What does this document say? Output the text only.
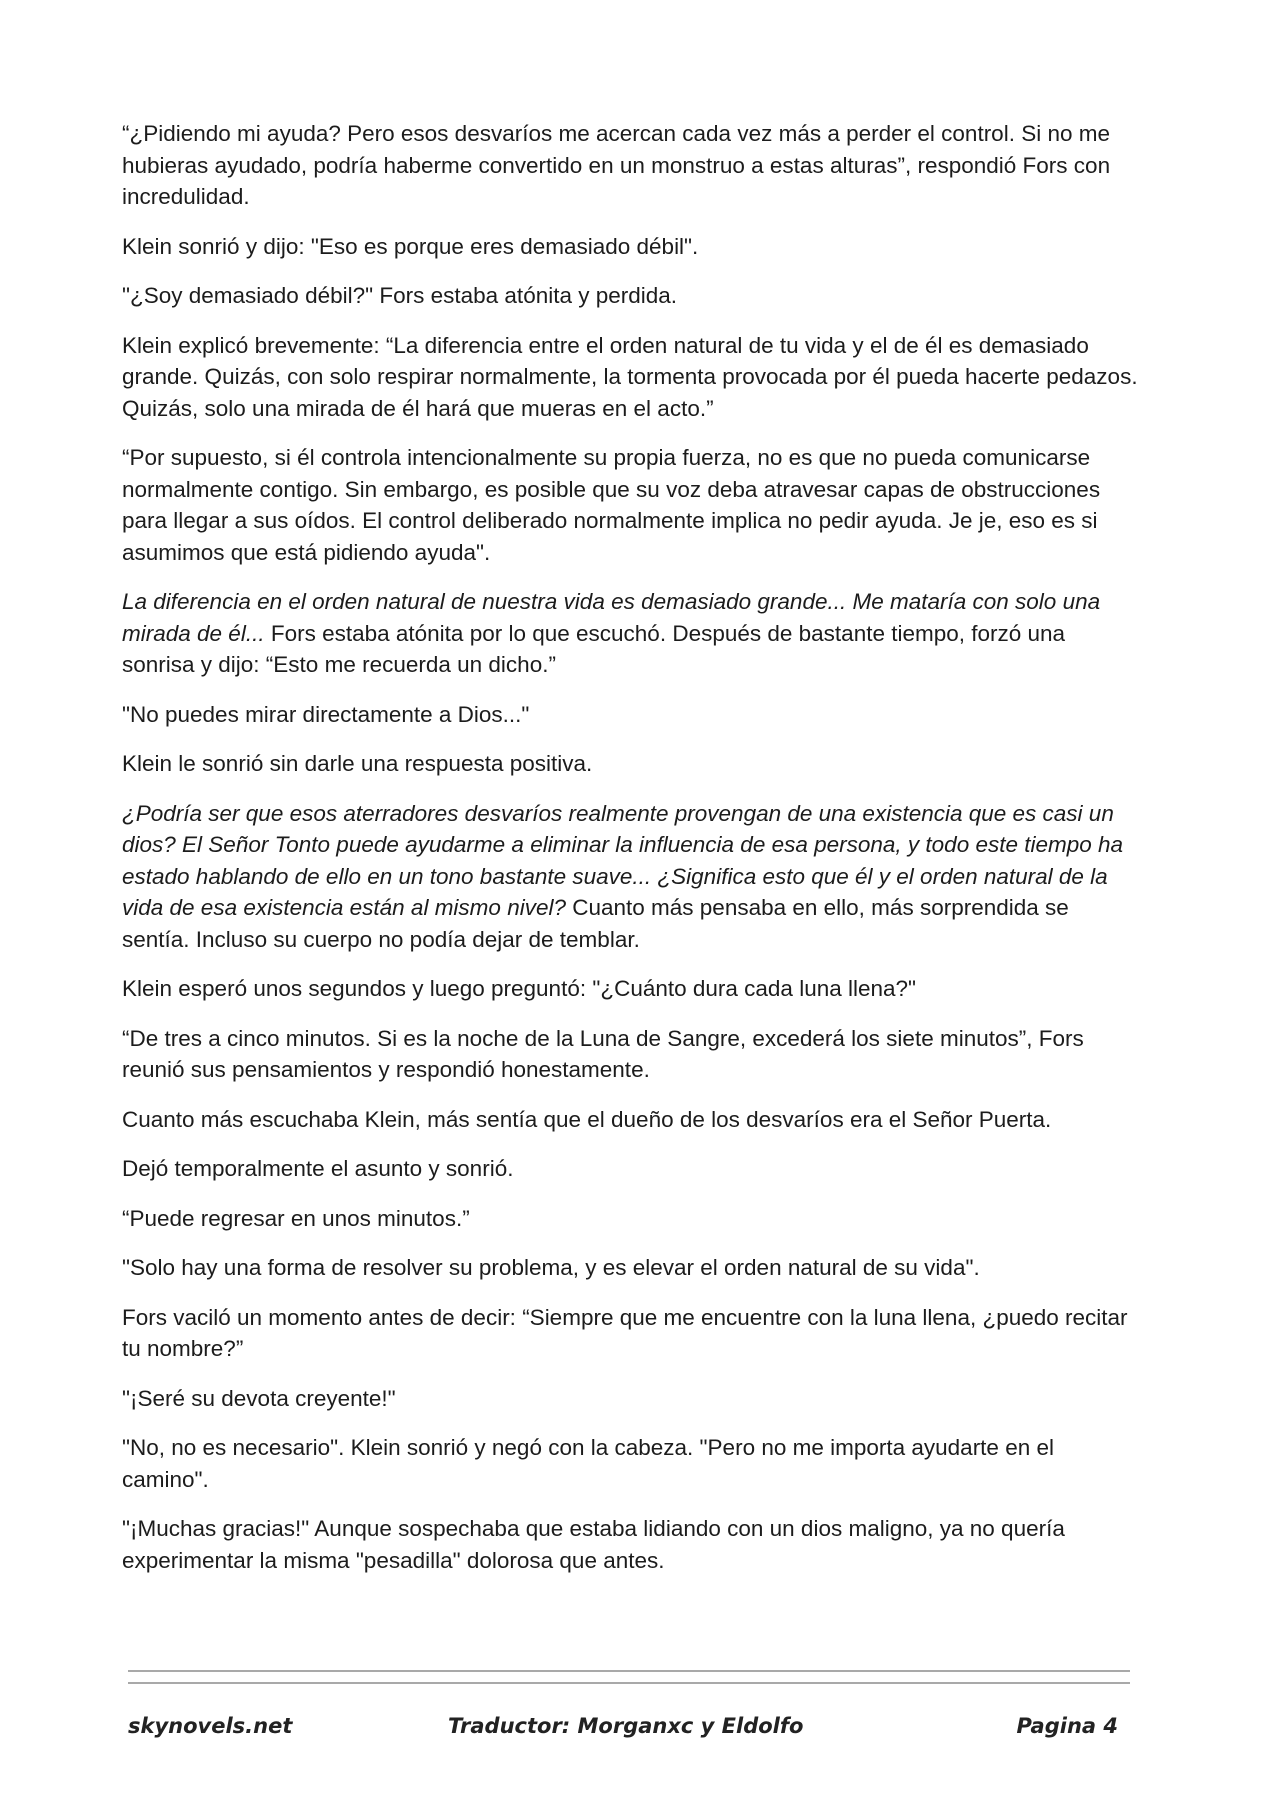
“¿Pidiendo mi ayuda? Pero esos desvaríos me acercan cada vez más a perder el control. Si no me hubieras ayudado, podría haberme convertido en un monstruo a estas alturas”, respondió Fors con incredulidad.

Klein sonrió y dijo: "Eso es porque eres demasiado débil".

"¿Soy demasiado débil?" Fors estaba atónita y perdida.

Klein explicó brevemente: “La diferencia entre el orden natural de tu vida y el de él es demasiado grande. Quizás, con solo respirar normalmente, la tormenta provocada por él pueda hacerte pedazos. Quizás, solo una mirada de él hará que mueras en el acto.”

“Por supuesto, si él controla intencionalmente su propia fuerza, no es que no pueda comunicarse normalmente contigo. Sin embargo, es posible que su voz deba atravesar capas de obstrucciones para llegar a sus oídos. El control deliberado normalmente implica no pedir ayuda. Je je, eso es si asumimos que está pidiendo ayuda".

La diferencia en el orden natural de nuestra vida es demasiado grande... Me mataría con solo una mirada de él... Fors estaba atónita por lo que escuchó. Después de bastante tiempo, forzó una sonrisa y dijo: “Esto me recuerda un dicho.”

"No puedes mirar directamente a Dios..."

Klein le sonrió sin darle una respuesta positiva.

¿Podría ser que esos aterradores desvaríos realmente provengan de una existencia que es casi un dios? El Señor Tonto puede ayudarme a eliminar la influencia de esa persona, y todo este tiempo ha estado hablando de ello en un tono bastante suave... ¿Significa esto que él y el orden natural de la vida de esa existencia están al mismo nivel? Cuanto más pensaba en ello, más sorprendida se sentía. Incluso su cuerpo no podía dejar de temblar.

Klein esperó unos segundos y luego preguntó: "¿Cuánto dura cada luna llena?"

“De tres a cinco minutos. Si es la noche de la Luna de Sangre, excederá los siete minutos”, Fors reunió sus pensamientos y respondió honestamente.

Cuanto más escuchaba Klein, más sentía que el dueño de los desvaríos era el Señor Puerta.

Dejó temporalmente el asunto y sonrió.

“Puede regresar en unos minutos.”

"Solo hay una forma de resolver su problema, y es elevar el orden natural de su vida".

Fors vaciló un momento antes de decir: “Siempre que me encuentre con la luna llena, ¿puedo recitar tu nombre?”

"¡Seré su devota creyente!"

"No, no es necesario". Klein sonrió y negó con la cabeza. "Pero no me importa ayudarte en el camino".

"¡Muchas gracias!" Aunque sospechaba que estaba lidiando con un dios maligno, ya no quería experimentar la misma "pesadilla" dolorosa que antes.

skynovels.net	Traductor: Morganxc y Eldolfo	Pagina 4
